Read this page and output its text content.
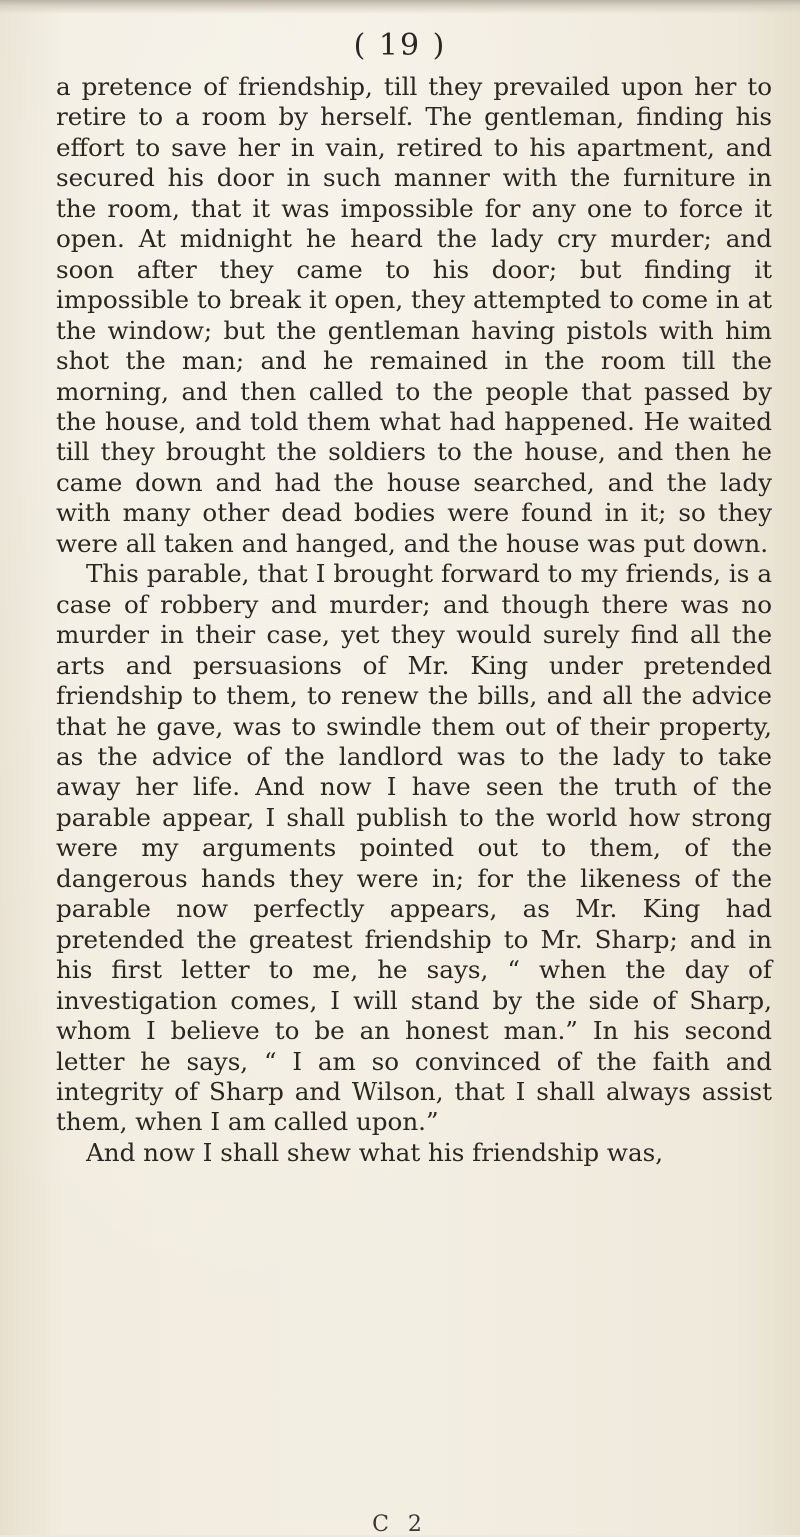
( 19 )

a pretence of friendship, till they prevailed upon her to retire to a room by herself. The gentleman, finding his effort to save her in vain, retired to his apartment, and secured his door in such manner with the furniture in the room, that it was impossible for any one to force it open. At midnight he heard the lady cry murder; and soon after they came to his door; but finding it impossible to break it open, they attempted to come in at the window; but the gentleman having pistols with him shot the man; and he remained in the room till the morning, and then called to the people that passed by the house, and told them what had happened. He waited till they brought the soldiers to the house, and then he came down and had the house searched, and the lady with many other dead bodies were found in it; so they were all taken and hanged, and the house was put down.

This parable, that I brought forward to my friends, is a case of robbery and murder; and though there was no murder in their case, yet they would surely find all the arts and persuasions of Mr. King under pretended friendship to them, to renew the bills, and all the advice that he gave, was to swindle them out of their property, as the advice of the landlord was to the lady to take away her life. And now I have seen the truth of the parable appear, I shall publish to the world how strong were my arguments pointed out to them, of the dangerous hands they were in; for the likeness of the parable now perfectly appears, as Mr. King had pretended the greatest friendship to Mr. Sharp; and in his first letter to me, he says, “ when the day of investigation comes, I will stand by the side of Sharp, whom I believe to be an honest man.” In his second letter he says, “ I am so convinced of the faith and integrity of Sharp and Wilson, that I shall always assist them, when I am called upon.”

And now I shall shew what his friendship was,

C 2
